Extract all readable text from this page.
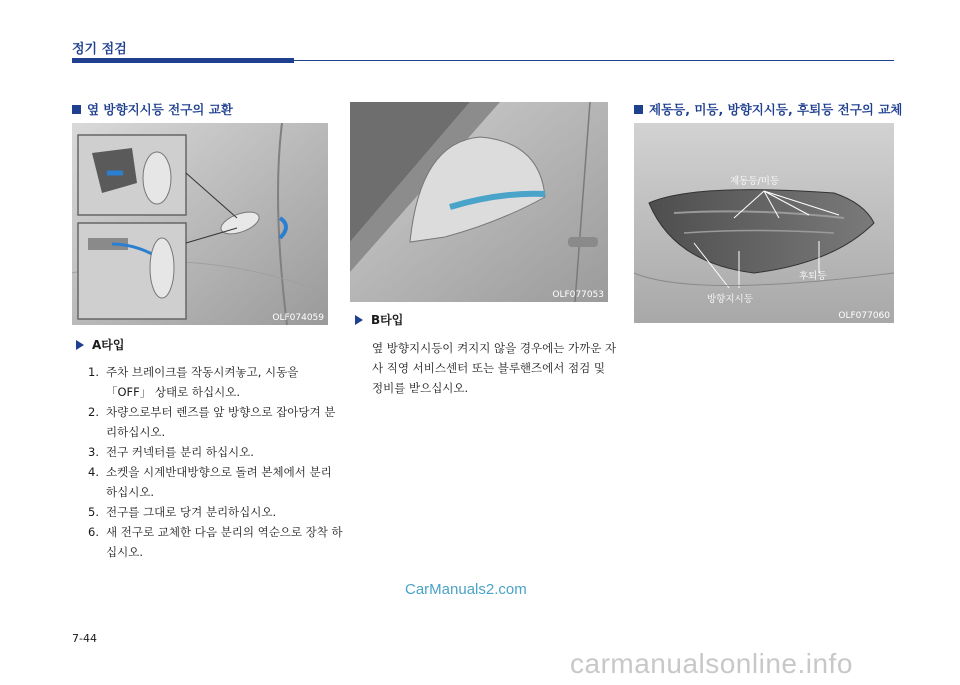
정기 점검
옆 방향지시등 전구의 교환
OLF074059
A타입
1. 주차 브레이크를 작동시켜놓고, 시동을「OFF」 상태로 하십시오.
2. 차량으로부터 렌즈를 앞 방향으로 잡아당겨 분리하십시오.
3. 전구 커넥터를 분리 하십시오.
4. 소켓을 시계반대방향으로 돌려 본체에서 분리 하십시오.
5. 전구를 그대로 당겨 분리하십시오.
6. 새 전구로 교체한 다음 분리의 역순으로 장착 하십시오.
OLF077053
B타입
옆 방향지시등이 켜지지 않을 경우에는 가까운 자사 직영 서비스센터 또는 블루핸즈에서 점검 및 정비를 받으십시오.
제동등, 미등, 방향지시등, 후퇴등 전구의 교체
제동등/미등
후퇴등
방향지시등
OLF077060
CarManuals2.com
7-44
carmanualsonline.info
